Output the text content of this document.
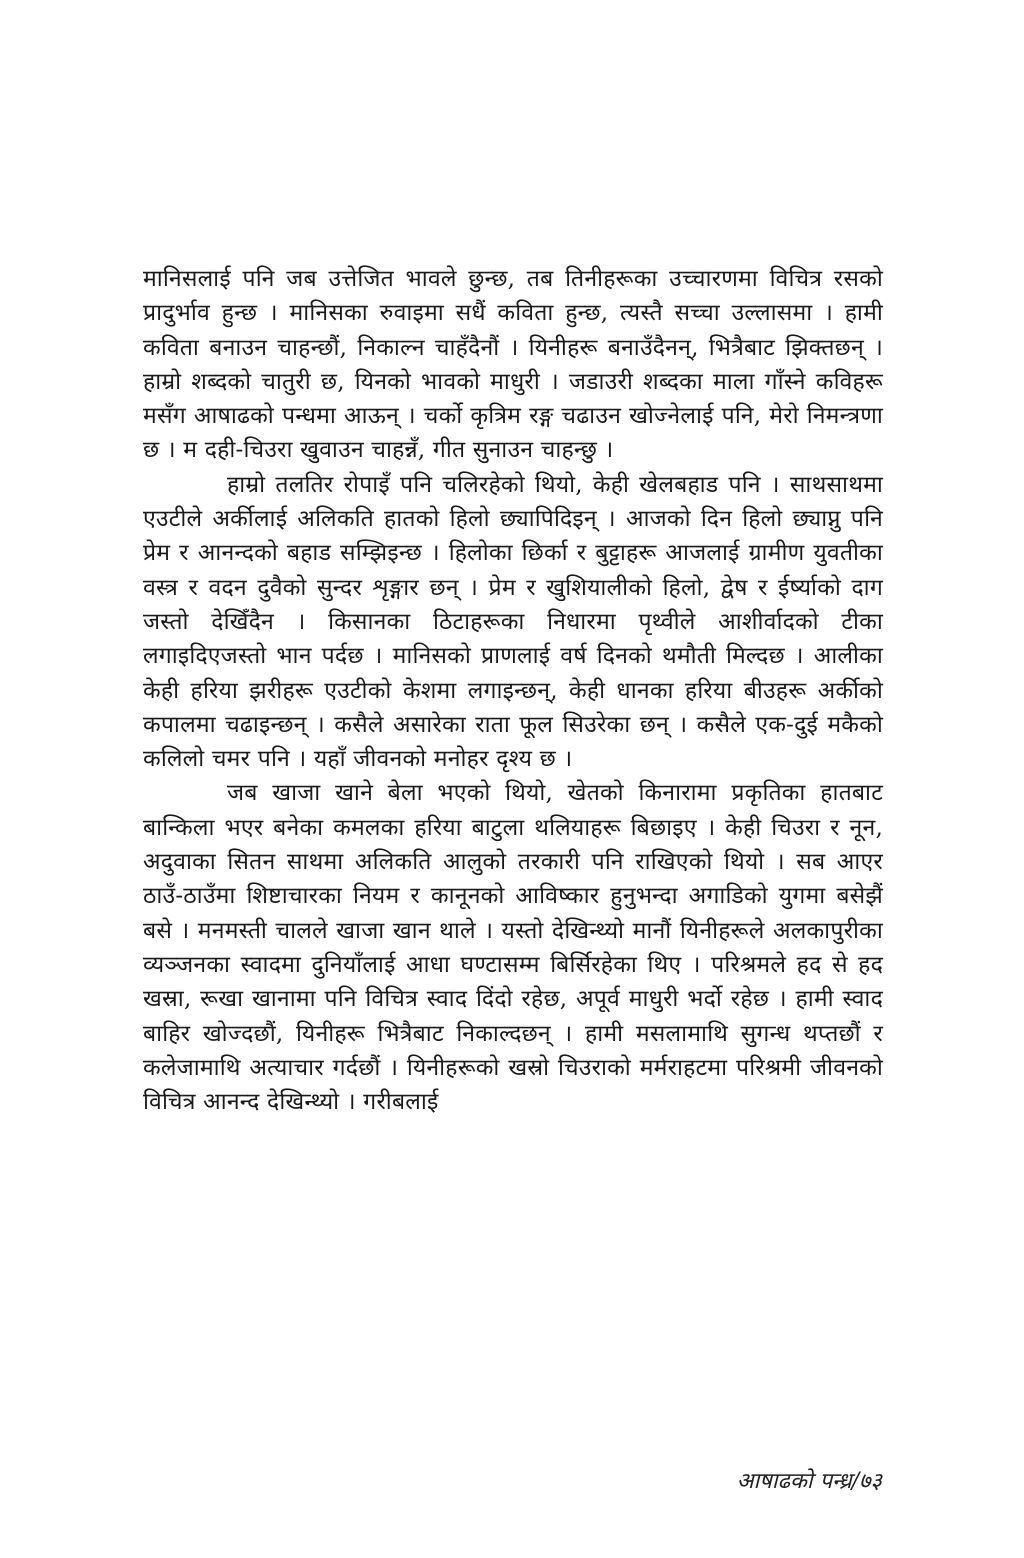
मानिसलाई पनि जब उत्तेजित भावले छुन्छ, तब तिनीहरूका उच्चारणमा विचित्र रसको प्रादुर्भाव हुन्छ । मानिसका रुवाइमा सधैं कविता हुन्छ, त्यस्तै सच्चा उल्लासमा । हामी कविता बनाउन चाहन्छौं, निकाल्न चाहँदैनौं । यिनीहरू बनाउँदैनन्, भित्रैबाट झिक्तछन् । हाम्रो शब्दको चातुरी छ, यिनको भावको माधुरी । जडाउरी शब्दका माला गाँस्ने कविहरू मसँग आषाढको पन्धमा आऊन् । चर्को कृत्रिम रङ्ग चढाउन खोज्नेलाई पनि, मेरो निमन्त्रणा छ । म दही-चिउरा खुवाउन चाहन्नँ, गीत सुनाउन चाहन्छु ।

हाम्रो तलतिर रोपाइँ पनि चलिरहेको थियो, केही खेलबहाड पनि । साथसाथमा एउटीले अर्कीलाई अलिकति हातको हिलो छ्यापिदिइन् । आजको दिन हिलो छ्याप्नु पनि प्रेम र आनन्दको बहाड सम्झिइन्छ । हिलोका छिर्का र बुट्टाहरू आजलाई ग्रामीण युवतीका वस्त्र र वदन दुवैको सुन्दर शृङ्गार छन् । प्रेम र खुशियालीको हिलो, द्वेष र ईर्ष्याको दाग जस्तो देखिँदैन । किसानका ठिटाहरूका निधारमा पृथ्वीले आशीर्वादको टीका लगाइदिएजस्तो भान पर्दछ । मानिसको प्राणलाई वर्ष दिनको थमौती मिल्दछ । आलीका केही हरिया झरीहरू एउटीको केशमा लगाइन्छन्, केही धानका हरिया बीउहरू अर्कीको कपालमा चढाइन्छन् । कसैले असारेका राता फूल सिउरेका छन् । कसैले एक-दुई मकैको कलिलो चमर पनि । यहाँ जीवनको मनोहर दृश्य छ ।

जब खाजा खाने बेला भएको थियो, खेतको किनारामा प्रकृतिका हातबाट बान्किला भएर बनेका कमलका हरिया बाटुला थलियाहरू बिछाइए । केही चिउरा र नून, अदुवाका सितन साथमा अलिकति आलुको तरकारी पनि राखिएको थियो । सब आएर ठाउँ-ठाउँमा शिष्टाचारका नियम र कानूनको आविष्कार हुनुभन्दा अगाडिको युगमा बसेझैं बसे । मनमस्ती चालले खाजा खान थाले । यस्तो देखिन्थ्यो मानौं यिनीहरूले अलकापुरीका व्यञ्जनका स्वादमा दुनियाँलाई आधा घण्टासम्म बिर्सिरहेका थिए । परिश्रमले हद से हद खस्रा, रूखा खानामा पनि विचित्र स्वाद दिंदो रहेछ, अपूर्व माधुरी भर्दो रहेछ । हामी स्वाद बाहिर खोज्दछौं, यिनीहरू भित्रैबाट निकाल्दछन् । हामी मसलामाथि सुगन्ध थप्तछौं र कलेजामाथि अत्याचार गर्दछौं । यिनीहरूको खस्रो चिउराको मर्मराहटमा परिश्रमी जीवनको विचित्र आनन्द देखिन्थ्यो । गरीबलाई

आषाढको पन्ध्र/७३
